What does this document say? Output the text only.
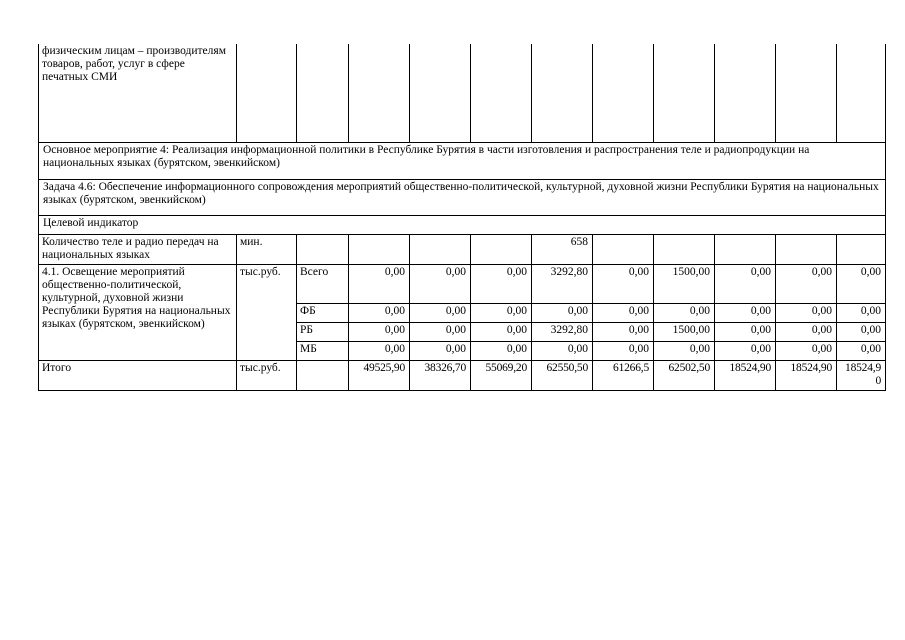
физическим лицам – производителям товаров, работ, услуг в сфере печатных СМИ											
Основное мероприятие 4: Реализация информационной политики в Республике Бурятия в части изготовления и распространения теле и радиопродукции на национальных языках (бурятском, эвенкийском)											
Задача 4.6: Обеспечение информационного сопровождения мероприятий общественно-политической, культурной, духовной жизни Республики Бурятия на национальных языках (бурятском, эвенкийском)											
Целевой индикатор											
Количество теле и радио передач на национальных языках	мин.					658					
4.1. Освещение мероприятий общественно-политической, культурной, духовной жизни Республики Бурятия на национальных языках (бурятском, эвенкийском)	тыс.руб.	Всего	0,00	0,00	0,00	3292,80	0,00	1500,00	0,00	0,00	0,00
		ФБ	0,00	0,00	0,00	0,00	0,00	0,00	0,00	0,00	0,00
		РБ	0,00	0,00	0,00	3292,80	0,00	1500,00	0,00	0,00	0,00
		МБ	0,00	0,00	0,00	0,00	0,00	0,00	0,00	0,00	0,00
Итого	тыс.руб.		49525,90	38326,70	55069,20	62550,50	61266,5	62502,50	18524,90	18524,90	18524,90
